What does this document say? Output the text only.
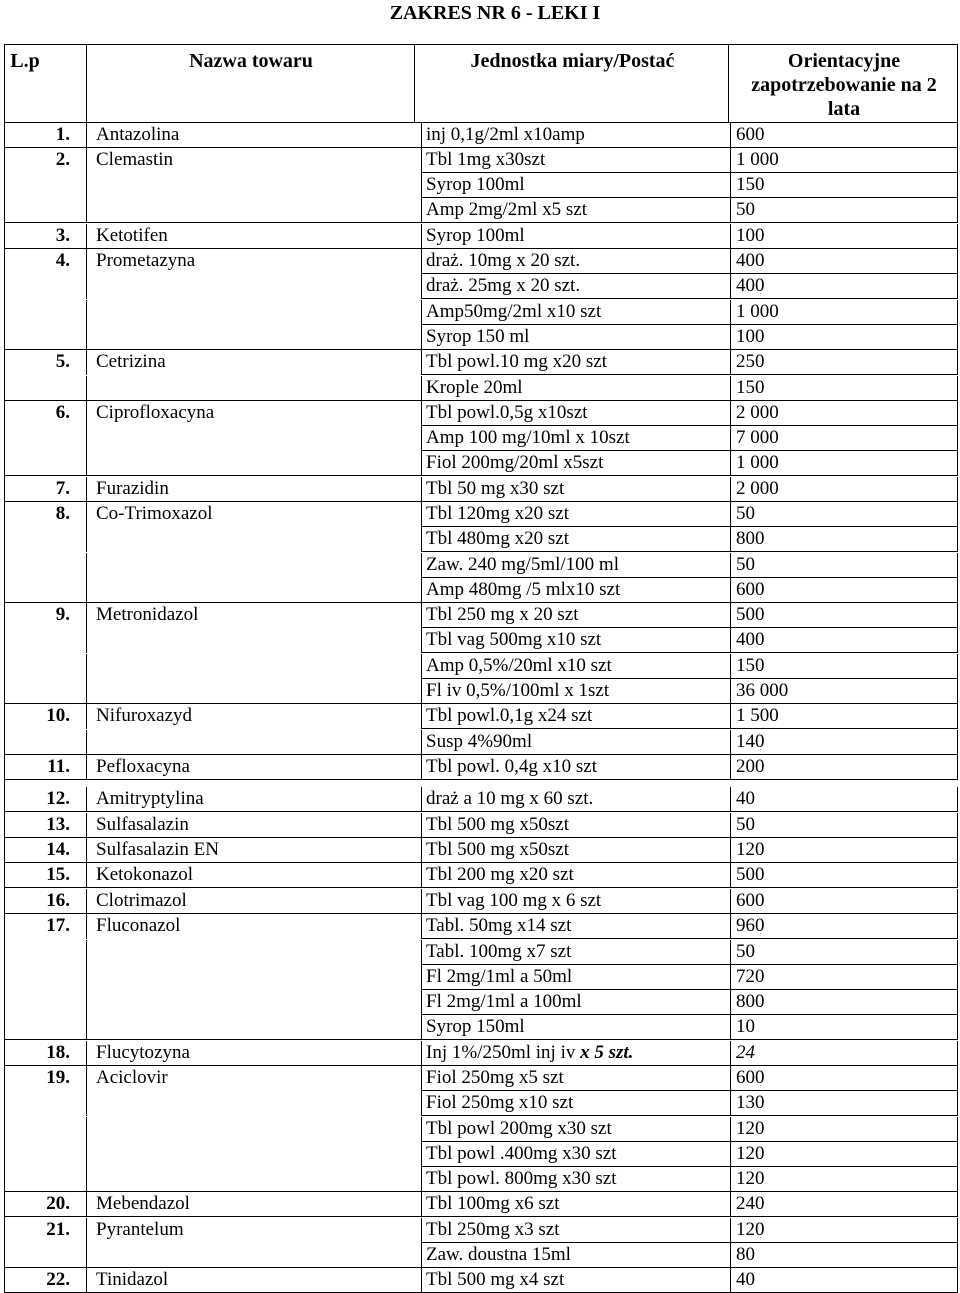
ZAKRES NR 6 - LEKI I
L.p	Nazwa towaru	Jednostka miary/Postać	Orientacyjne
zapotrzebowanie na 2
lata
1. Antazolina	inj 0,1g/2ml x10amp	600
2. Clemastin	Tbl 1mg x30szt	1 000
Syrop 100ml	150
Amp 2mg/2ml x5 szt	50
3. Ketotifen	Syrop 100ml	100
4. Prometazyna	draż. 10mg x 20 szt.	400
draż. 25mg x 20 szt.	400
Amp50mg/2ml x10 szt	1 000
Syrop 150 ml	100
5. Cetrizina	Tbl powl.10 mg x20 szt	250
Krople 20ml	150
6. Ciprofloxacyna	Tbl powl.0,5g x10szt	2 000
Amp 100 mg/10ml x 10szt	7 000
Fiol 200mg/20ml x5szt	1 000
7. Furazidin	Tbl 50 mg x30 szt	2 000
8. Co-Trimoxazol	Tbl 120mg x20 szt	50
Tbl 480mg x20 szt	800
Zaw. 240 mg/5ml/100 ml	50
Amp 480mg /5 mlx10 szt	600
9. Metronidazol	Tbl 250 mg x 20 szt	500
Tbl vag 500mg x10 szt	400
Amp 0,5%/20ml x10 szt	150
Fl iv 0,5%/100ml x 1szt	36 000
10. Nifuroxazyd	Tbl powl.0,1g x24 szt	1 500
Susp 4%90ml	140
11. Pefloxacyna	Tbl powl. 0,4g x10 szt	200
12. Amitryptylina	draż a 10 mg x 60 szt.	40
13. Sulfasalazin	Tbl 500 mg x50szt	50
14. Sulfasalazin EN	Tbl 500 mg x50szt	120
15. Ketokonazol	Tbl 200 mg x20 szt	500
16. Clotrimazol	Tbl vag 100 mg x 6 szt	600
17. Fluconazol	Tabl. 50mg x14 szt	960
Tabl. 100mg x7 szt	50
Fl 2mg/1ml a 50ml	720
Fl 2mg/1ml a 100ml	800
Syrop 150ml	10
18. Flucytozyna	Inj 1%/250ml inj iv x 5 szt.	24
19. Aciclovir	Fiol 250mg x5 szt	600
Fiol 250mg x10 szt	130
Tbl powl 200mg x30 szt	120
Tbl powl .400mg x30 szt	120
Tbl powl. 800mg x30 szt	120
20. Mebendazol	Tbl 100mg x6 szt	240
21. Pyrantelum	Tbl 250mg x3 szt	120
Zaw. doustna 15ml	80
22. Tinidazol	Tbl 500 mg x4 szt	40
